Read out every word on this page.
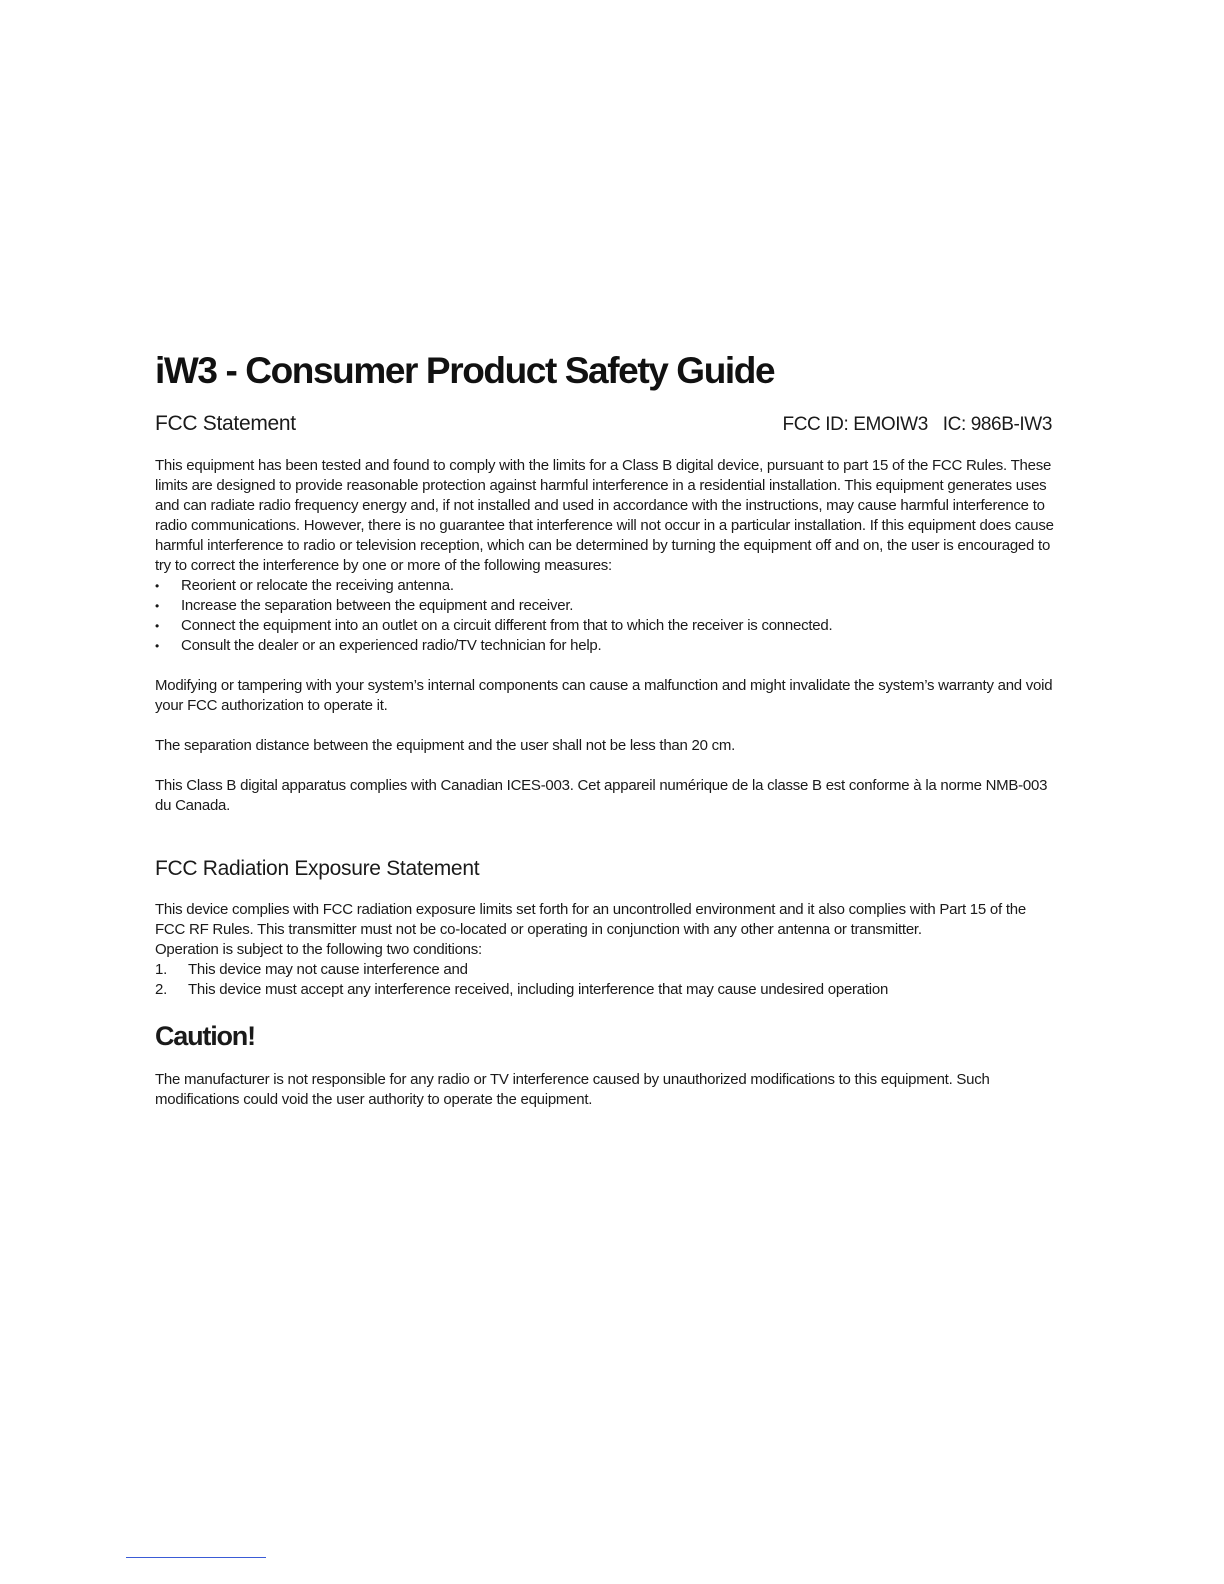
iW3 - Consumer Product Safety Guide
FCC Statement	FCC ID: EMOIW3 IC: 986B-IW3

This equipment has been tested and found to comply with the limits for a Class B digital device, pursuant to part 15 of the FCC Rules. These limits are designed to provide reasonable protection against harmful interference in a residential installation. This equipment generates uses and can radiate radio frequency energy and, if not installed and used in accordance with the instructions, may cause harmful interference to radio communications. However, there is no guarantee that interference will not occur in a particular installation. If this equipment does cause harmful interference to radio or television reception, which can be determined by turning the equipment off and on, the user is encouraged to try to correct the interference by one or more of the following measures:

• Reorient or relocate the receiving antenna.
• Increase the separation between the equipment and receiver.
• Connect the equipment into an outlet on a circuit different from that to which the receiver is connected.
• Consult the dealer or an experienced radio/TV technician for help.

Modifying or tampering with your system’s internal components can cause a malfunction and might invalidate the system’s warranty and void your FCC authorization to operate it.

The separation distance between the equipment and the user shall not be less than 20 cm.

This Class B digital apparatus complies with Canadian ICES-003. Cet appareil numérique de la classe B est conforme à la norme NMB-003 du Canada.

FCC Radiation Exposure Statement

This device complies with FCC radiation exposure limits set forth for an uncontrolled environment and it also complies with Part 15 of the FCC RF Rules. This transmitter must not be co-located or operating in conjunction with any other antenna or transmitter.

Operation is subject to the following two conditions:

1. This device may not cause interference and
2. This device must accept any interference received, including interference that may cause undesired operation
Caution!

The manufacturer is not responsible for any radio or TV interference caused by unauthorized modifications to this equipment. Such modifications could void the user authority to operate the equipment.
